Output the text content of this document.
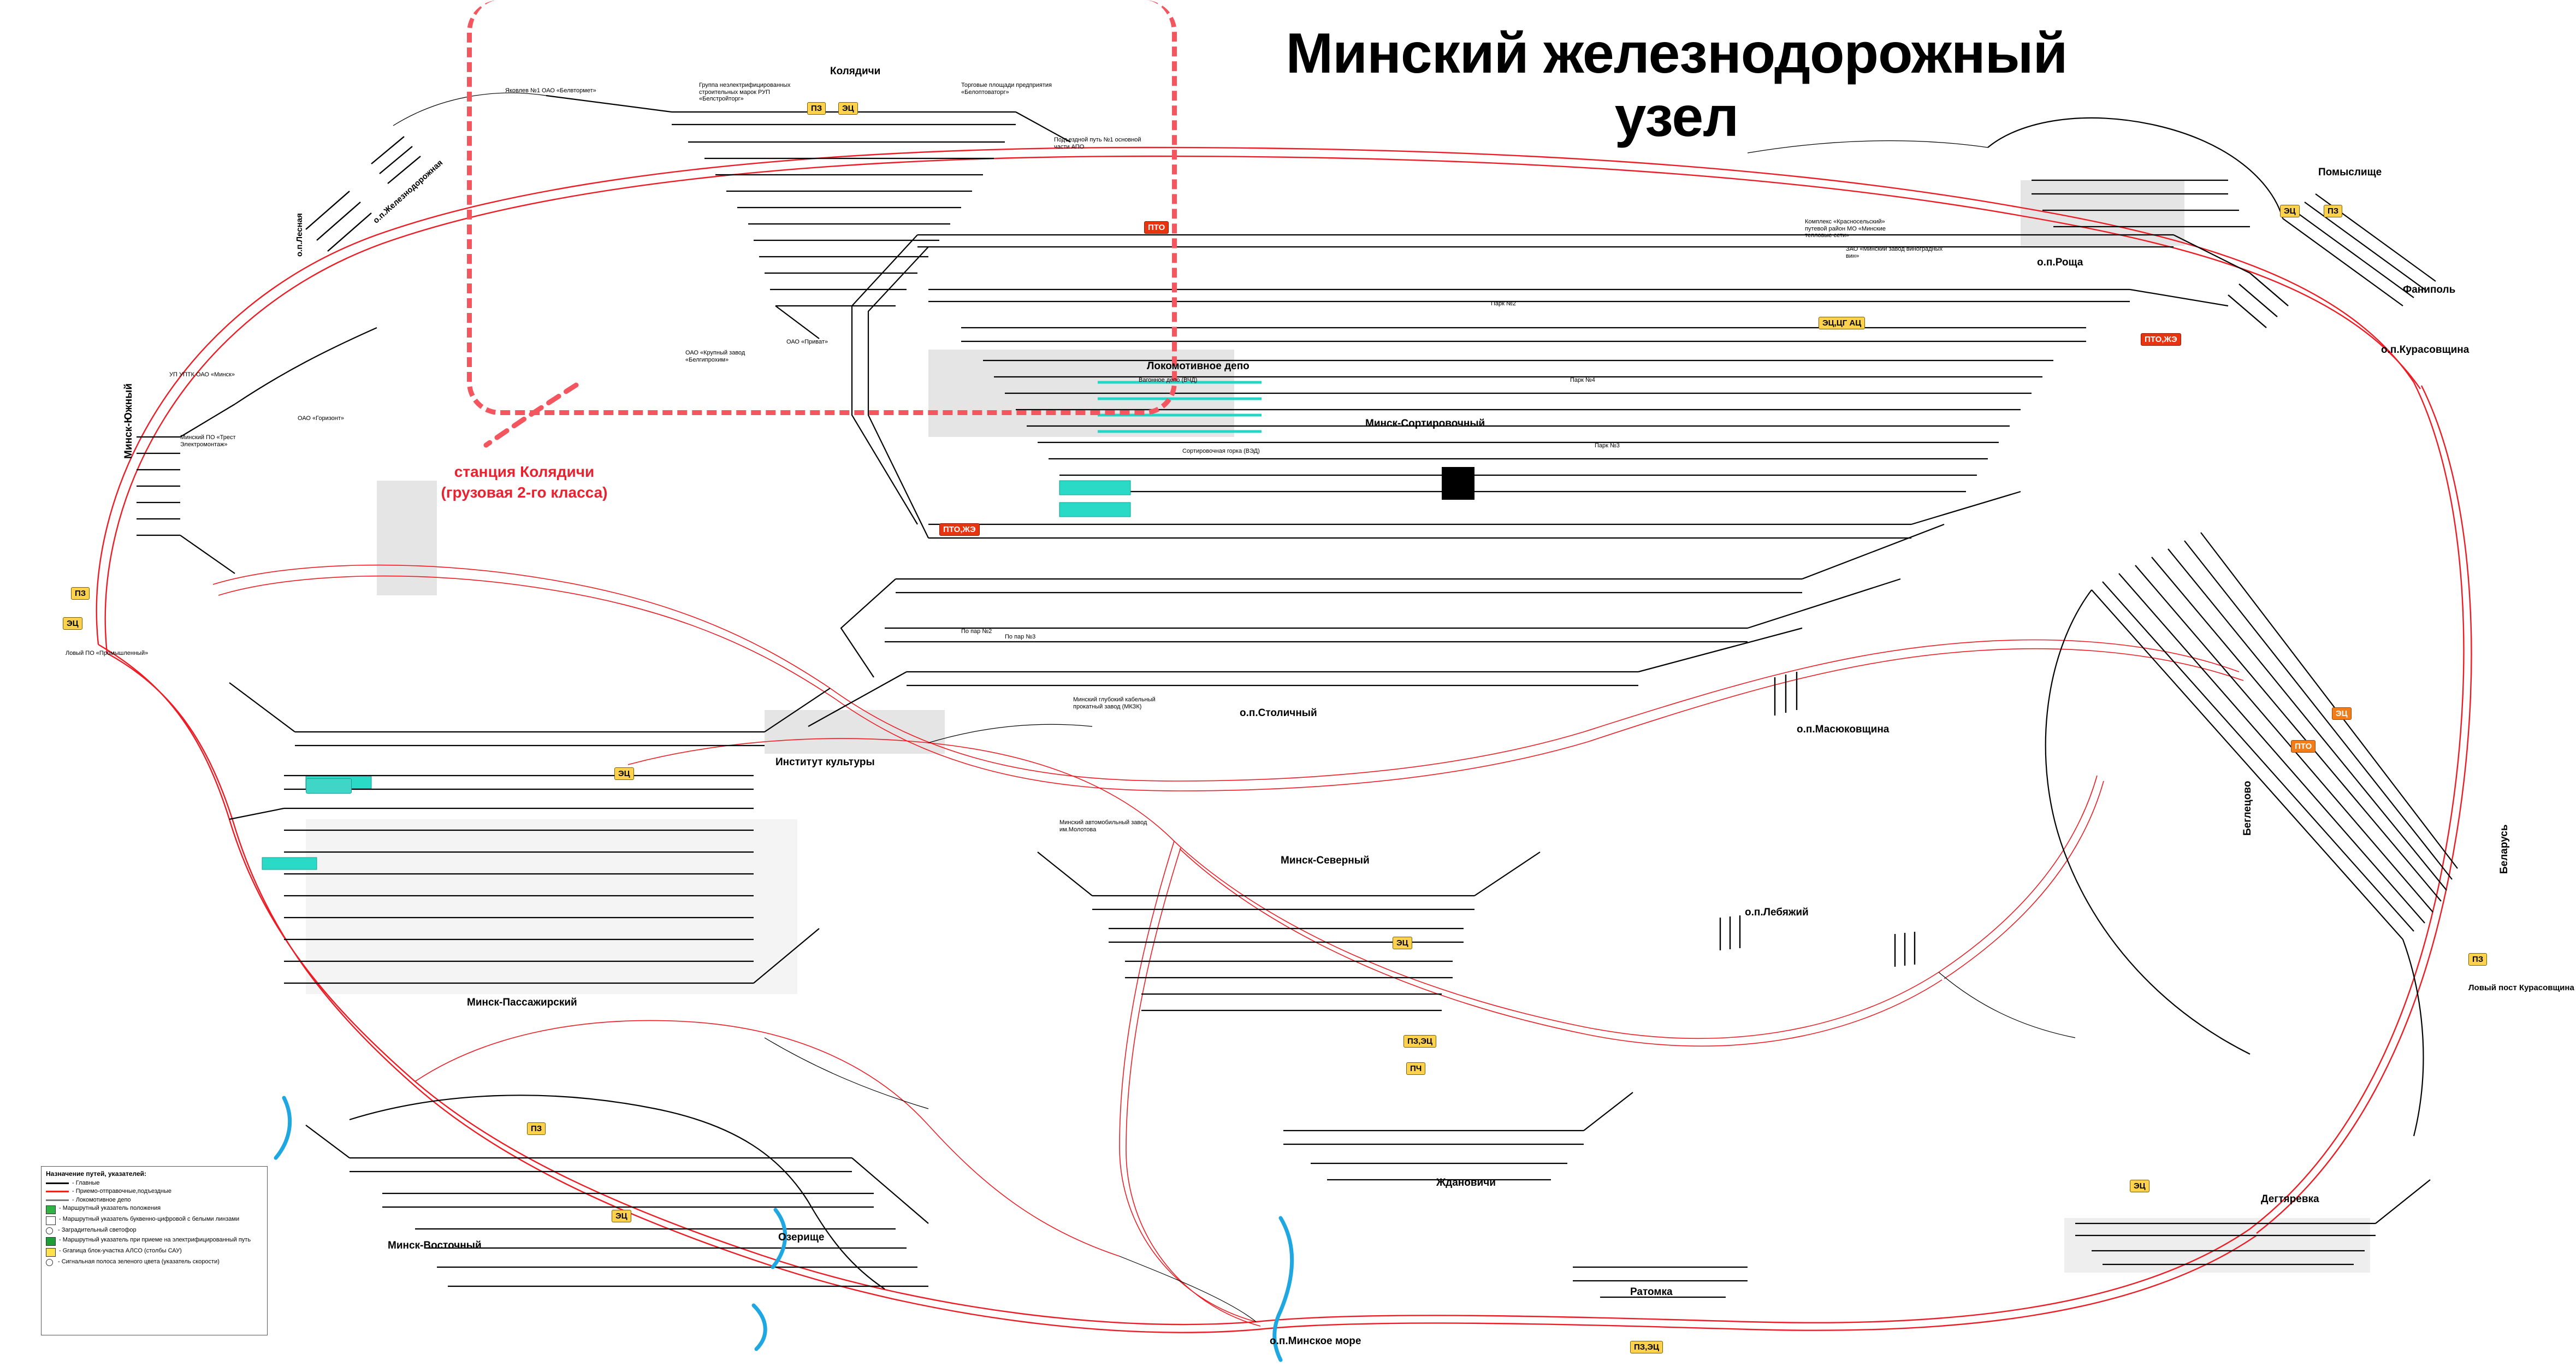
станция Колядичи
(грузовая 2-го класса)
Минский железнодорожный
узел
Колядичи
Минск-Сортировочный
Локомотивное депо
о.п.Столичный
Институт культуры
Минск-Пассажирский
Минск-Восточный
Минск-Северный
о.п.Лебяжий
о.п.Масюковщина
Жданoвичи
Ратомка
о.п.Минское море
Дегтяревка
Помыслище
Фаниполь
о.п.Курасовщина
о.п.Роща
Озерище
Беларусь
Беглецово
Минск-Южный
о.п.Железнодорожная
о.п.Лесная
Ловый пост Курасовщина
ПЗ	ЭЦ
ПТО
ЭЦ,ЦГ АЦ
ПТО,ЖЭ
ПТО,ЖЭ
ЭЦ	ПЗ
ПТО
ЭЦ
ПЗ
ЭЦ
ЭЦ
ЭЦ
ПЗ
ЭЦ
ПЗ,ЭЦ
ПЧ
ПЗ,ЭЦ
ЭЦ
ПЗ
Яковлев №1 ОАО «Белвтормет»
Группа неэлектрифицированных строительных марок РУП «Белстройторг»
Торговые площади предприятия «Белоптоваторг»
Подъездной путь №1 основной части АПО
ОАО «Приват»
ОАО «Крупный завод «Белгипрохим»
Комплекс «Красносельский» путевой район МО «Минские тепловые сети»
ЗАО «Минский завод виноградных вин»
Минский автомобильный завод им.Молотова
Минский глубокий кабельный прокатный завод (МКЗК)
Парк №2
Парк №4
Парк №3
По пар №2
Сортировочная горка (ВЭД)
Вагонное депо (ВЧД)
ОАО «Горизонт»
УП УПТК ОАО «Минск»
Минский ПО «Трест Электромонтаж»
Ловый ПО «Промышленный»
По пар №3
Назначение путей, указателей:
- Главные
- Приемо-отправочные,подъездные
- Локомотивное депо
- Маршрутный указатель положения
- Маршрутный указатель буквенно-цифровой с белыми линзами
- Заградительный светофор
- Маршрутный указатель при приеме на электрифицированный путь
- Granица блок-участка АЛСО (столбы САУ)
- Сигнальная полоса зеленого цвета (указатель скорости)
